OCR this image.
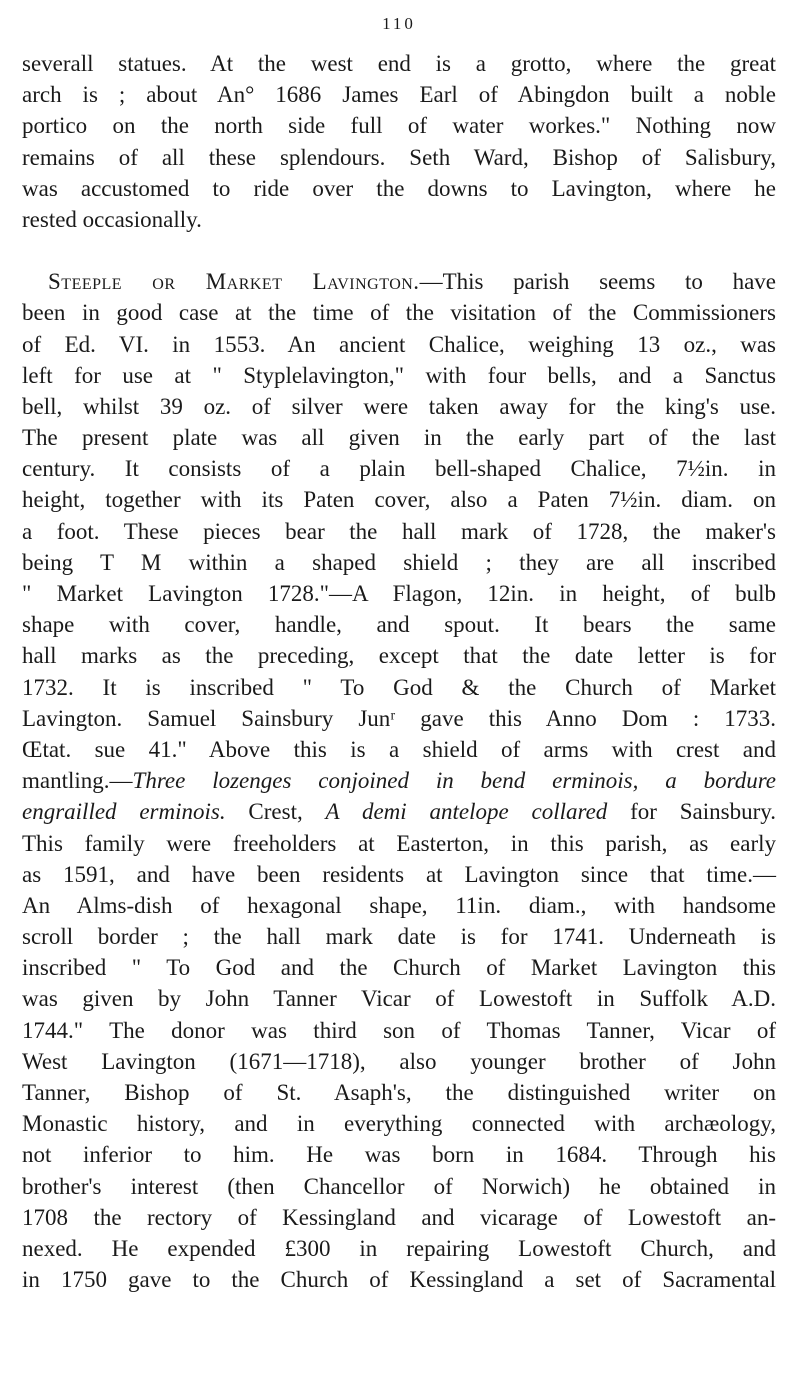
110
severall statues. At the west end is a grotto, where the great
arch is ; about An° 1686 James Earl of Abingdon built a noble
portico on the north side full of water workes." Nothing now
remains of all these splendours. Seth Ward, Bishop of Salisbury,
was accustomed to ride over the downs to Lavington, where he
rested occasionally.
Steeple or Market Lavington.—This parish seems to have
been in good case at the time of the visitation of the Commissioners
of Ed. VI. in 1553. An ancient Chalice, weighing 13 oz., was
left for use at " Styplelavington," with four bells, and a Sanctus
bell, whilst 39 oz. of silver were taken away for the king's use.
The present plate was all given in the early part of the last
century. It consists of a plain bell-shaped Chalice, 7½in. in
height, together with its Paten cover, also a Paten 7½in. diam. on
a foot. These pieces bear the hall mark of 1728, the maker's
being T M within a shaped shield ; they are all inscribed
" Market Lavington 1728."—A Flagon, 12in. in height, of bulb
shape with cover, handle, and spout. It bears the same
hall marks as the preceding, except that the date letter is for
1732. It is inscribed " To God & the Church of Market
Lavington. Samuel Sainsbury Junʳ gave this Anno Dom : 1733.
Œtat. sue 41." Above this is a shield of arms with crest and
mantling.—Three lozenges conjoined in bend erminois, a bordure
engrailled erminois. Crest, A demi antelope collared for Sainsbury.
This family were freeholders at Easterton, in this parish, as early
as 1591, and have been residents at Lavington since that time.—
An Alms-dish of hexagonal shape, 11in. diam., with handsome
scroll border ; the hall mark date is for 1741. Underneath is
inscribed " To God and the Church of Market Lavington this
was given by John Tanner Vicar of Lowestoft in Suffolk A.D.
1744." The donor was third son of Thomas Tanner, Vicar of
West Lavington (1671—1718), also younger brother of John
Tanner, Bishop of St. Asaph's, the distinguished writer on
Monastic history, and in everything connected with archæology,
not inferior to him. He was born in 1684. Through his
brother's interest (then Chancellor of Norwich) he obtained in
1708 the rectory of Kessingland and vicarage of Lowestoft an-
nexed. He expended £300 in repairing Lowestoft Church, and
in 1750 gave to the Church of Kessingland a set of Sacramental
